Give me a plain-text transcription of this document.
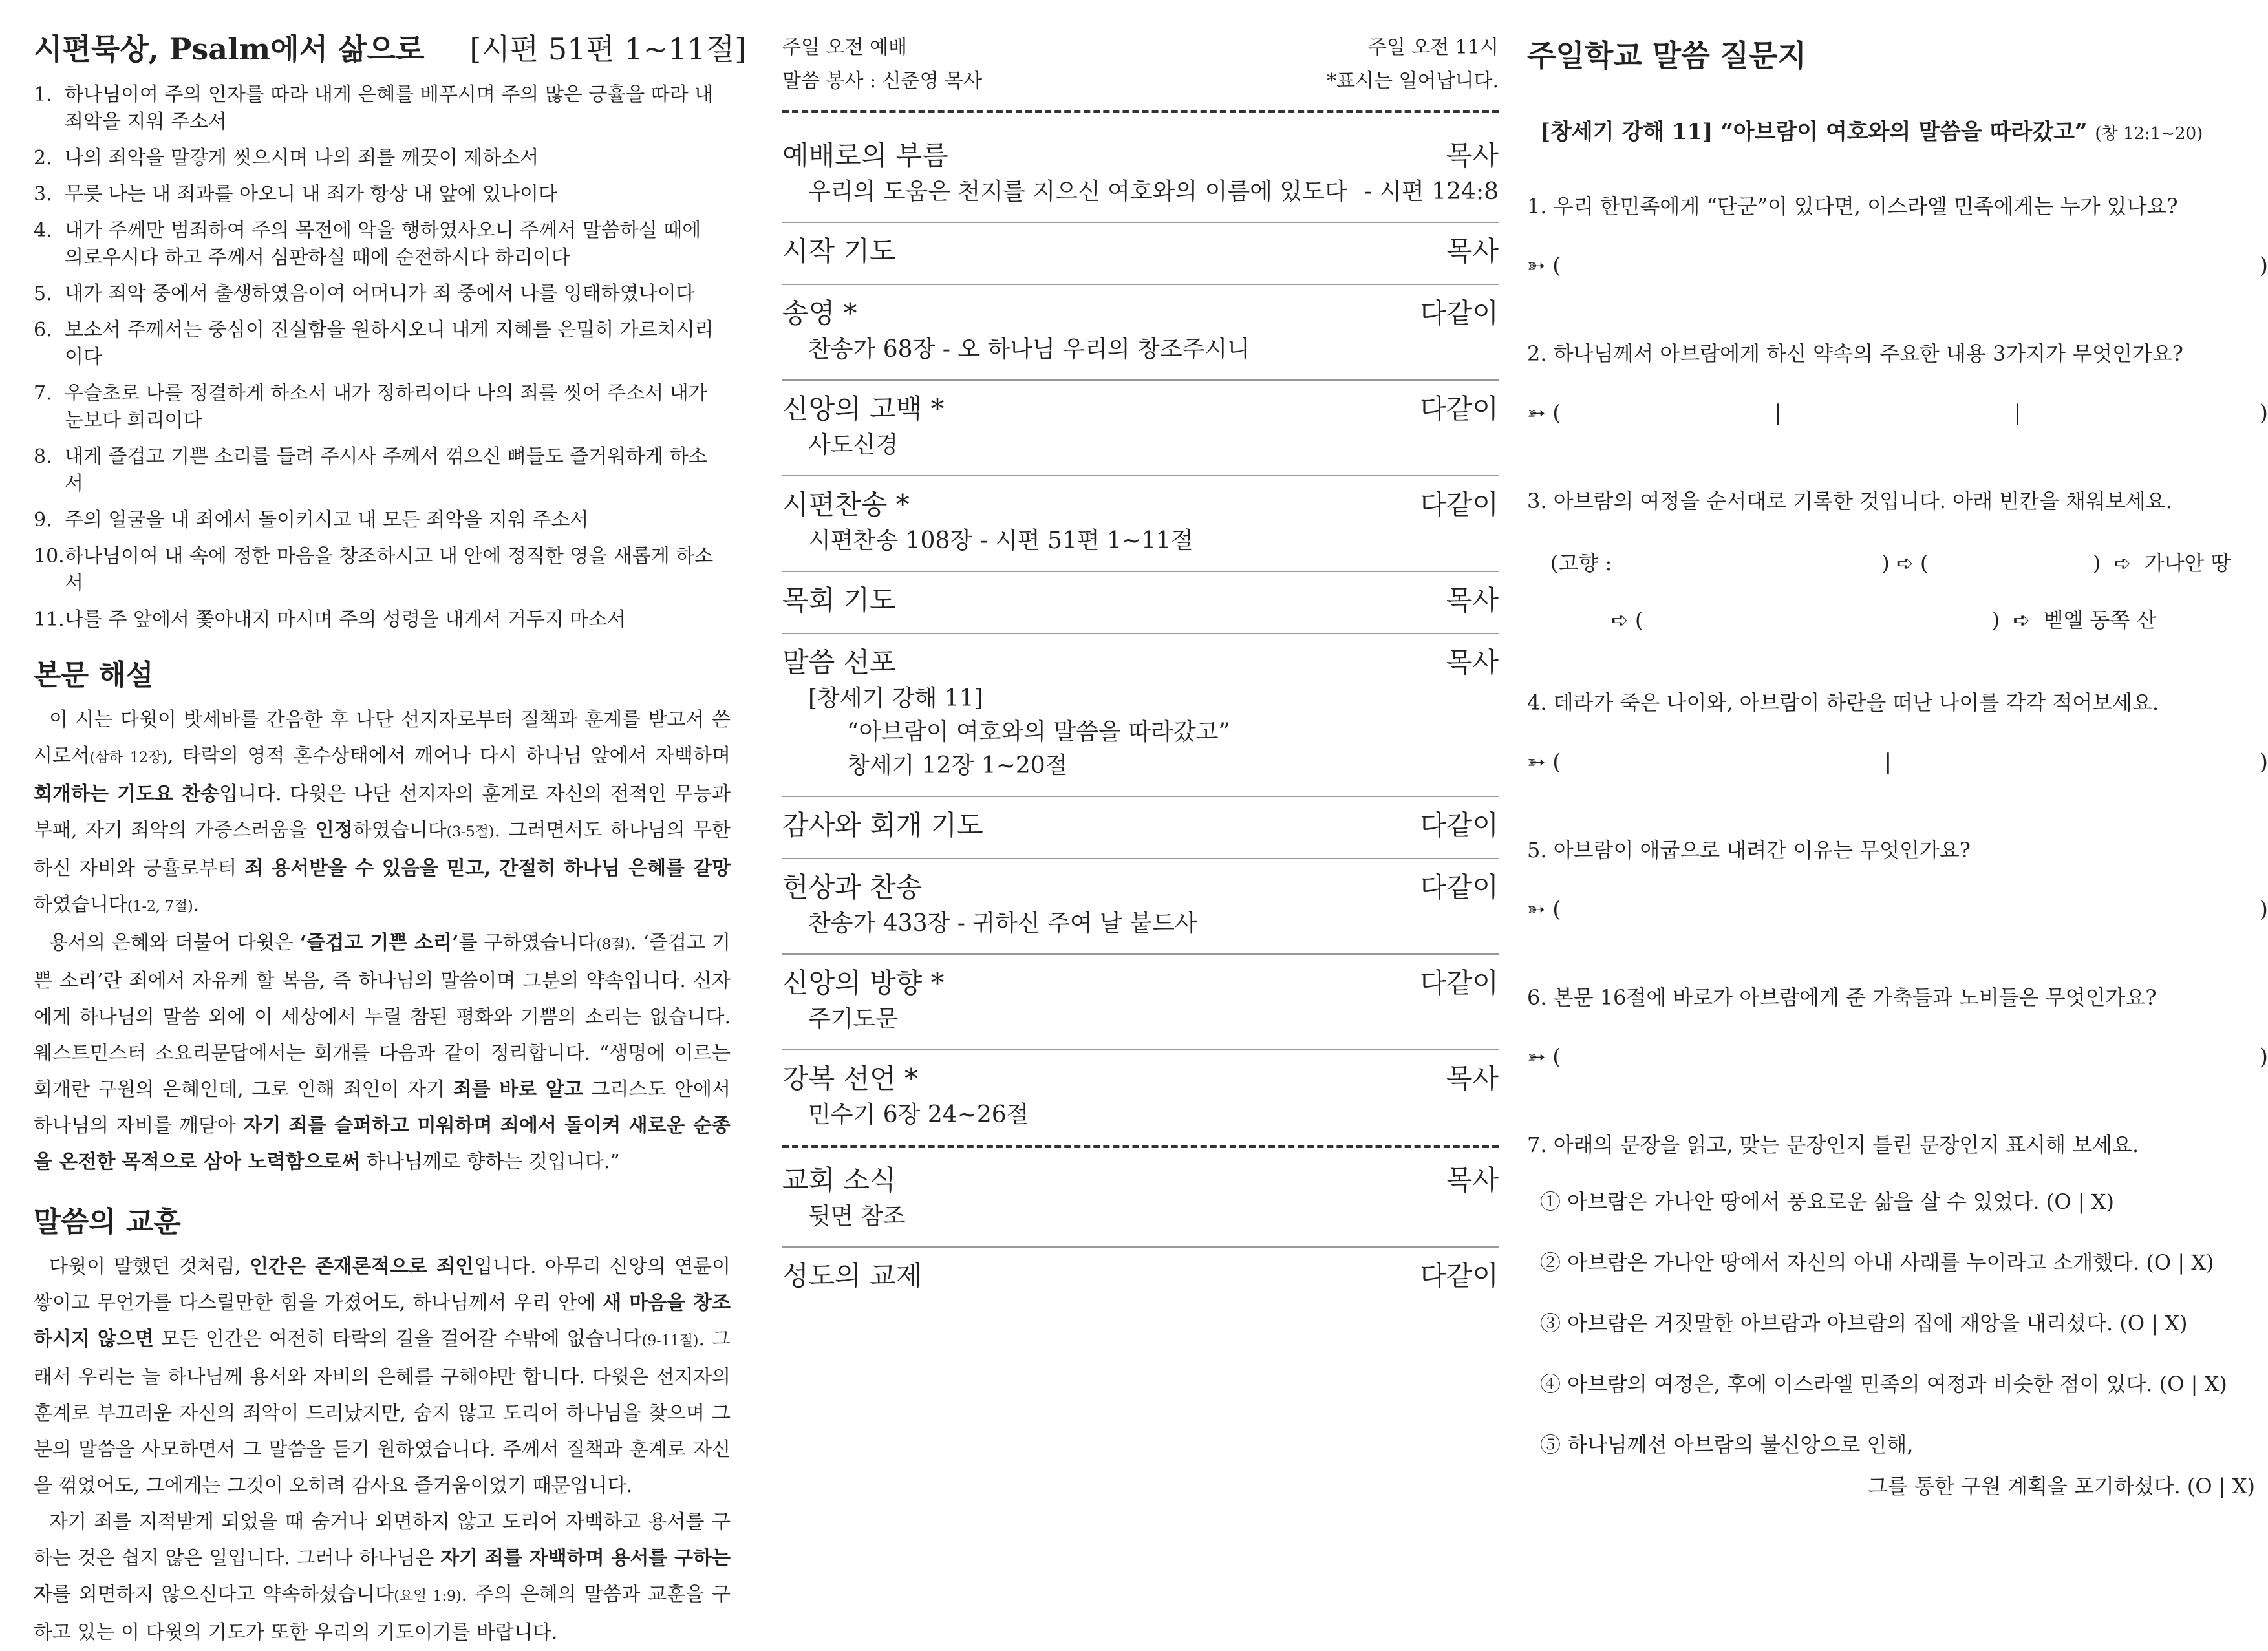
시편묵상, Psalm에서 삶으로 [시편 51편 1~11절]
1. 하나님이여 주의 인자를 따라 내게 은혜를 베푸시며 주의 많은 긍휼을 따라 내 죄악을 지워 주소서
2. 나의 죄악을 말갛게 씻으시며 나의 죄를 깨끗이 제하소서
3. 무릇 나는 내 죄과를 아오니 내 죄가 항상 내 앞에 있나이다
4. 내가 주께만 범죄하여 주의 목전에 악을 행하였사오니 주께서 말씀하실 때에 의로우시다 하고 주께서 심판하실 때에 순전하시다 하리이다
5. 내가 죄악 중에서 출생하였음이여 어머니가 죄 중에서 나를 잉태하였나이다
6. 보소서 주께서는 중심이 진실함을 원하시오니 내게 지혜를 은밀히 가르치시리이다
7. 우슬초로 나를 정결하게 하소서 내가 정하리이다 나의 죄를 씻어 주소서 내가 눈보다 희리이다
8. 내게 즐겁고 기쁜 소리를 들려 주시사 주께서 꺾으신 뼈들도 즐거워하게 하소서
9. 주의 얼굴을 내 죄에서 돌이키시고 내 모든 죄악을 지워 주소서
10. 하나님이여 내 속에 정한 마음을 창조하시고 내 안에 정직한 영을 새롭게 하소서
11. 나를 주 앞에서 쫓아내지 마시며 주의 성령을 내게서 거두지 마소서
본문 해설

이 시는 다윗이 밧세바를 간음한 후 나단 선지자로부터 질책과 훈계를 받고서 쓴 시로서(삼하 12장), 타락의 영적 혼수상태에서 깨어나 다시 하나님 앞에서 자백하며 회개하는 기도요 찬송입니다. 다윗은 나단 선지자의 훈계로 자신의 전적인 무능과 부패, 자기 죄악의 가증스러움을 인정하였습니다(3-5절). 그러면서도 하나님의 무한하신 자비와 긍휼로부터 죄 용서받을 수 있음을 믿고, 간절히 하나님 은혜를 갈망하였습니다(1-2, 7절).

용서의 은혜와 더불어 다윗은 ‘즐겁고 기쁜 소리’를 구하였습니다(8절). ‘즐겁고 기쁜 소리’란 죄에서 자유케 할 복음, 즉 하나님의 말씀이며 그분의 약속입니다. 신자에게 하나님의 말씀 외에 이 세상에서 누릴 참된 평화와 기쁨의 소리는 없습니다. 웨스트민스터 소요리문답에서는 회개를 다음과 같이 정리합니다. “생명에 이르는 회개란 구원의 은혜인데, 그로 인해 죄인이 자기 죄를 바로 알고 그리스도 안에서 하나님의 자비를 깨닫아 자기 죄를 슬퍼하고 미워하며 죄에서 돌이켜 새로운 순종을 온전한 목적으로 삼아 노력함으로써 하나님께로 향하는 것입니다.”

말씀의 교훈

다윗이 말했던 것처럼, 인간은 존재론적으로 죄인입니다. 아무리 신앙의 연륜이 쌓이고 무언가를 다스릴만한 힘을 가졌어도, 하나님께서 우리 안에 새 마음을 창조하시지 않으면 모든 인간은 여전히 타락의 길을 걸어갈 수밖에 없습니다(9-11절). 그래서 우리는 늘 하나님께 용서와 자비의 은혜를 구해야만 합니다. 다윗은 선지자의 훈계로 부끄러운 자신의 죄악이 드러났지만, 숨지 않고 도리어 하나님을 찾으며 그분의 말씀을 사모하면서 그 말씀을 듣기 원하였습니다. 주께서 질책과 훈계로 자신을 꺾었어도, 그에게는 그것이 오히려 감사요 즐거움이었기 때문입니다.

자기 죄를 지적받게 되었을 때 숨거나 외면하지 않고 도리어 자백하고 용서를 구하는 것은 쉽지 않은 일입니다. 그러나 하나님은 자기 죄를 자백하며 용서를 구하는 자를 외면하지 않으신다고 약속하셨습니다(요일 1:9). 주의 은혜의 말씀과 교훈을 구하고 있는 이 다윗의 기도가 또한 우리의 기도이기를 바랍니다.

주일 오전 예배	주일 오전 11시
말씀 봉사 : 신준영 목사	*표시는 일어납니다.
예배로의 부름	목사
우리의 도움은 천지를 지으신 여호와의 이름에 있도다 - 시편 124:8
시작 기도	목사
송영 *	다같이
찬송가 68장 - 오 하나님 우리의 창조주시니
신앙의 고백 *	다같이
사도신경
시편찬송 *	다같이
시편찬송 108장 - 시편 51편 1~11절
목회 기도	목사
말씀 선포	목사
[창세기 강해 11]
“아브람이 여호와의 말씀을 따라갔고”
창세기 12장 1~20절
감사와 회개 기도	다같이
헌상과 찬송	다같이
찬송가 433장 - 귀하신 주여 날 붙드사
신앙의 방향 *	다같이
주기도문
강복 선언 *	목사
민수기 6장 24~26절
교회 소식	목사
뒷면 참조
성도의 교제	다같이
주일학교 말씀 질문지
[창세기 강해 11] “아브람이 여호와의 말씀을 따라갔고” (창 12:1~20)
1. 우리 한민족에게 “단군”이 있다면, 이스라엘 민족에게는 누가 있나요?
➳ (	)
2. 하나님께서 아브람에게 하신 약속의 주요한 내용 3가지가 무엇인가요?
➳ (	|	|	)
3. 아브람의 여정을 순서대로 기록한 것입니다. 아래 빈칸을 채워보세요.
(고향 :                                         ) ➪ (                         )  ➪  가나안 땅
➪ (                                                     )  ➪  벧엘 동쪽 산
4. 데라가 죽은 나이와, 아브람이 하란을 떠난 나이를 각각 적어보세요.
➳ (	|	)
5. 아브람이 애굽으로 내려간 이유는 무엇인가요?
➳ (	)
6. 본문 16절에 바로가 아브람에게 준 가축들과 노비들은 무엇인가요?
➳ (	)
7. 아래의 문장을 읽고, 맞는 문장인지 틀린 문장인지 표시해 보세요.
① 아브람은 가나안 땅에서 풍요로운 삶을 살 수 있었다. (O | X)
② 아브람은 가나안 땅에서 자신의 아내 사래를 누이라고 소개했다. (O | X)
③ 아브람은 거짓말한 아브람과 아브람의 집에 재앙을 내리셨다. (O | X)
④ 아브람의 여정은, 후에 이스라엘 민족의 여정과 비슷한 점이 있다. (O | X)
⑤ 하나님께선 아브람의 불신앙으로 인해,
그를 통한 구원 계획을 포기하셨다. (O | X)
